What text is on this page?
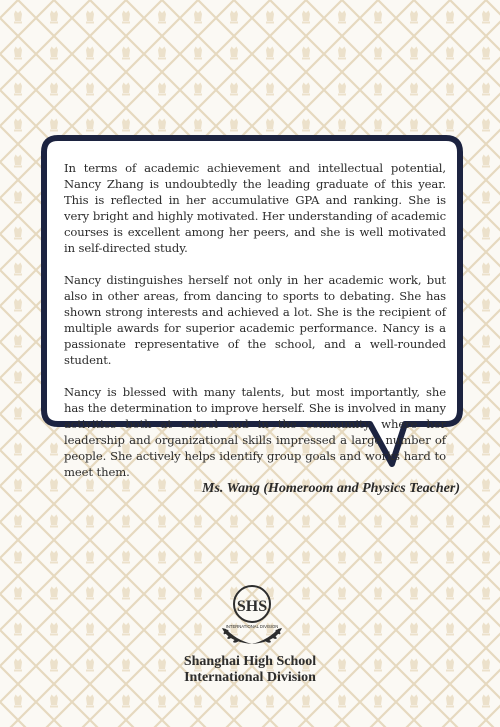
In terms of academic achievement and intellectual potential, Nancy Zhang is undoubtedly the leading graduate of this year. This is reflected in her accumulative GPA and ranking. She is very bright and highly motivated. Her understanding of academic courses is excellent among her peers, and she is well motivated in self-directed study.

Nancy distinguishes herself not only in her academic work, but also in other areas, from dancing to sports to debating. She has shown strong interests and achieved a lot. She is the recipient of multiple awards for superior academic performance. Nancy is a passionate representative of the school, and a well-rounded student.

Nancy is blessed with many talents, but most importantly, she has the determination to improve herself. She is involved in many activities both at school and in the community, where her leadership and organizational skills impressed a large number of people. She actively helps identify group goals and works hard to meet them.

Ms. Wang (Homeroom and Physics Teacher)
SHS
INTERNATIONAL DIVISION
Shanghai High School
International Division
